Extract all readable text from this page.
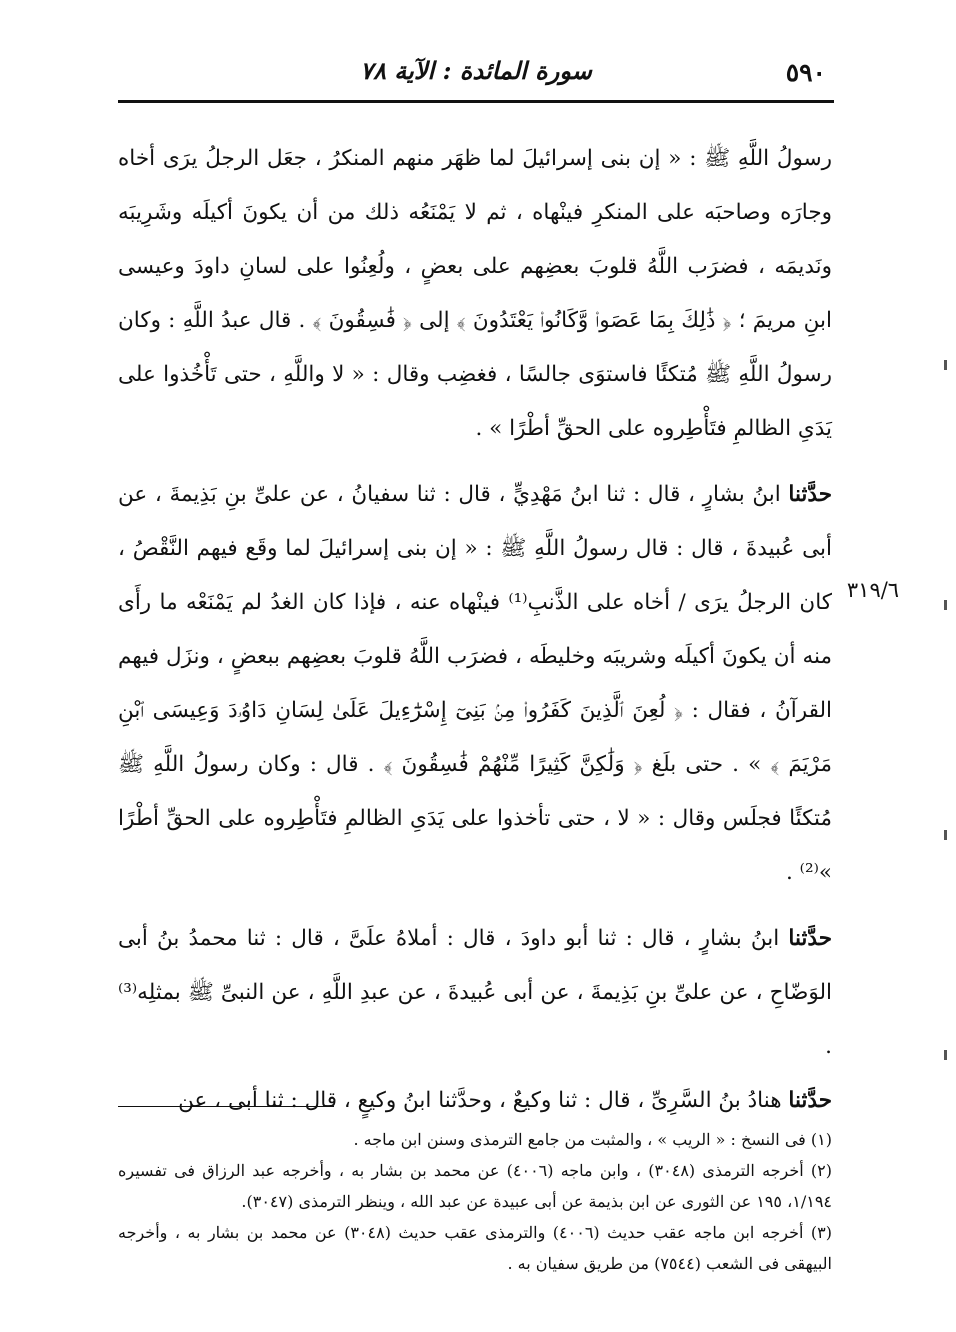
٥٩٠
سورة المائدة : الآية ٧٨
٣١٩/٦

رسولُ اللَّهِ ﷺ : « إن بنى إسرائيلَ لما ظهَر منهم المنكرُ ، جعَل الرجلُ يرَى أخاه وجارَه وصاحبَه على المنكرِ فينْهاه ، ثم لا يَمْنَعُه ذلك من أن يكونَ أكيلَه وشَرِيبَه ونَديمَه ، فضرَب اللَّهُ قلوبَ بعضِهم على بعضٍ ، ولُعِنُوا على لسانِ داودَ وعيسى ابنِ مريمَ ؛ ﴿ ذَٰلِكَ بِمَا عَصَوا۟ وَّكَانُوا۟ يَعْتَدُونَ ﴾ إلى ﴿ فَٰسِقُونَ ﴾ . قال عبدُ اللَّهِ : وكان رسولُ اللَّهِ ﷺ مُتكئًا فاستوَى جالسًا ، فغضِب وقال : « لا واللَّهِ ، حتى تَأْخُذوا على يَدَىِ الظالمِ فتَأْطِروه على الحقِّ أطْرًا » .

حدَّثنا ابنُ بشارٍ ، قال : ثنا ابنُ مَهْدِيٍّ ، قال : ثنا سفيانُ ، عن علىِّ بنِ بَذِيمةَ ، عن أبى عُبيدةَ ، قال : قال رسولُ اللَّهِ ﷺ : « إن بنى إسرائيلَ لما وقَع فيهم النَّقْصُ ، كان الرجلُ يرَى / أخاه على الذَّنبِ⁽¹⁾ فينْهاه عنه ، فإذا كان الغدُ لم يَمْنَعْه ما رأَى منه أن يكونَ أكيلَه وشريبَه وخليطَه ، فضرَب اللَّهُ قلوبَ بعضِهم ببعضٍ ، ونزَل فيهم القرآنُ ، فقال : ﴿ لُعِنَ ٱلَّذِينَ كَفَرُوا۟ مِنۢ بَنِىٓ إِسْرَٰٓءِيلَ عَلَىٰ لِسَانِ دَاوُۥدَ وَعِيسَى ٱبْنِ مَرْيَمَ ﴾ » . حتى بلَغ ﴿ وَلَٰكِنَّ كَثِيرًا مِّنْهُمْ فَٰسِقُونَ ﴾ . قال : وكان رسولُ اللَّهِ ﷺ مُتكئًا فجلَس وقال : « لا ، حتى تأخذوا على يَدَىِ الظالمِ فتَأْطِروه على الحقِّ أطْرًا »⁽²⁾ .

حدَّثنا ابنُ بشارٍ ، قال : ثنا أبو داودَ ، قال : أملاهُ علَىَّ ، قال : ثنا محمدُ بنُ أبى الوَضّاحِ ، عن علىِّ بنِ بَذِيمةَ ، عن أبى عُبيدةَ ، عن عبدِ اللَّهِ ، عن النبىِّ ﷺ بمثلِه⁽³⁾ .

حدَّثنا هنادُ بنُ السَّرِىِّ ، قال : ثنا وكيعٌ ، وحدَّثنا ابنُ وكيعٍ ، قال : ثنا أبى ، عن

(١) فى النسخ : « الريب » ، والمثبت من جامع الترمذى وسنن ابن ماجه .

(٢) أخرجه الترمذى (٣٠٤٨) ، وابن ماجه (٤٠٠٦) عن محمد بن بشار به ، وأخرجه عبد الرزاق فى تفسيره ١/١٩٤، ١٩٥ عن الثورى عن ابن بذيمة عن أبى عبيدة عن عبد الله ، وينظر الترمذى (٣٠٤٧).

(٣) أخرجه ابن ماجه عقب حديث (٤٠٠٦) والترمذى عقب حديث (٣٠٤٨) عن محمد بن بشار به ، وأخرجه البيهقى فى الشعب (٧٥٤٤) من طريق سفيان به .
